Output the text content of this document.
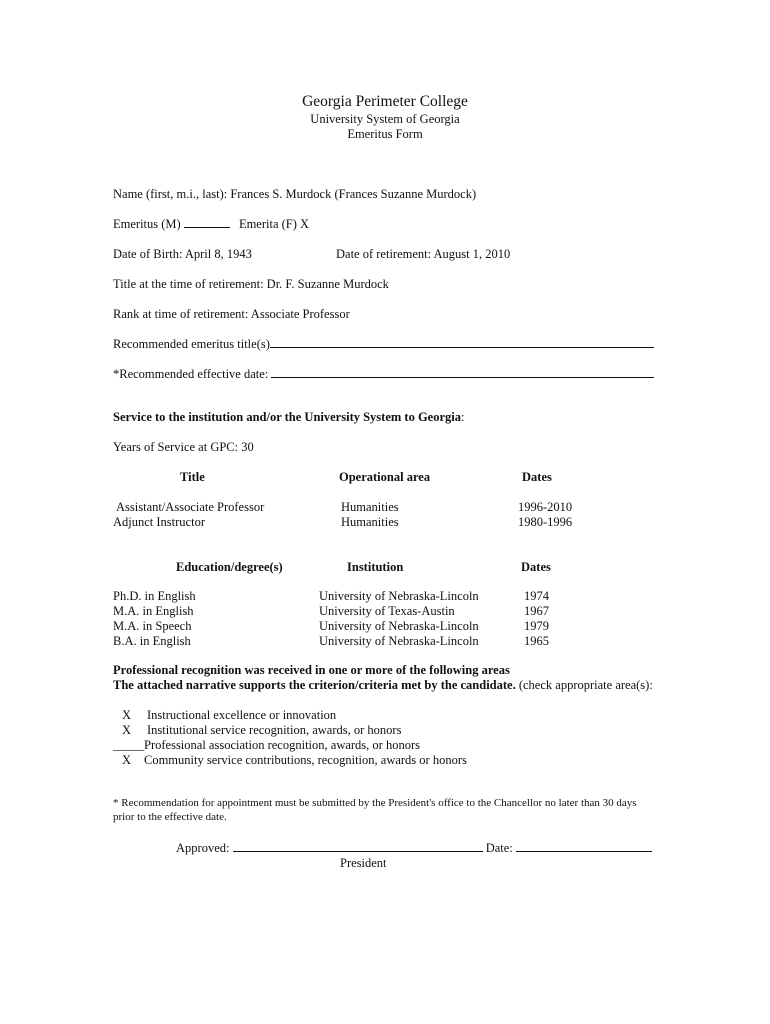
Georgia Perimeter College
University System of Georgia
Emeritus Form
Name (first, m.i., last): Frances S. Murdock (Frances Suzanne Murdock)
Emeritus (M)	Emerita (F) X
Date of Birth: April 8, 1943	Date of retirement: August 1, 2010
Title at the time of retirement: Dr. F. Suzanne Murdock
Rank at time of retirement: Associate Professor
Recommended emeritus title(s)
*Recommended effective date:
Service to the institution and/or the University System to Georgia:
Years of Service at GPC: 30
Title	Operational area	Dates
Assistant/Associate Professor	Humanities	1996-2010
Adjunct Instructor	Humanities	1980-1996
Education/degree(s)	Institution	Dates
Ph.D. in English	University of Nebraska-Lincoln	1974
M.A. in English	University of Texas-Austin	1967
M.A. in Speech	University of Nebraska-Lincoln	1979
B.A. in English	University of Nebraska-Lincoln	1965
Professional recognition was received in one or more of the following areas
The attached narrative supports the criterion/criteria met by the candidate. (check appropriate area(s):
X Instructional excellence or innovation
X Institutional service recognition, awards, or honors
_____ Professional association recognition, awards, or honors
X Community service contributions, recognition, awards or honors
* Recommendation for appointment must be submitted by the President's office to the Chancellor no later than 30 days
prior to the effective date.
Approved:	Date:
President
